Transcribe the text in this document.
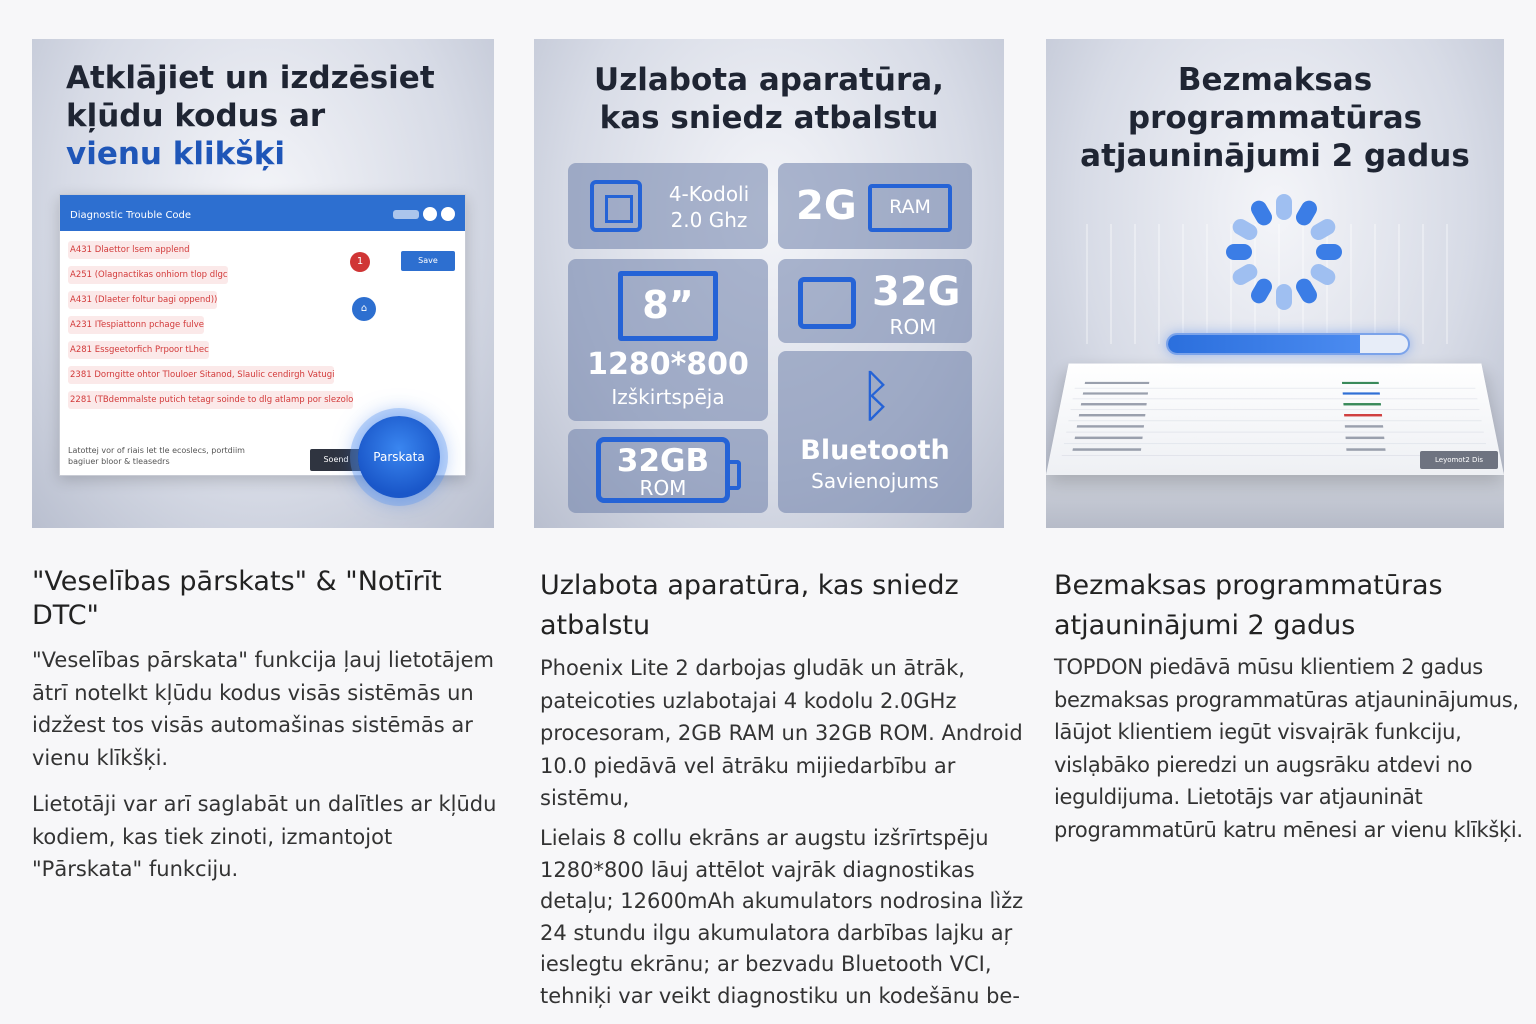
Atklājiet un izdzēsiet
kļūdu kodus ar
vienu klikšķi
Diagnostic Trouble Code
A431 Dlaettor lsem applend
A251 (Olagnactikas onhiorn tlop dlgc
A431 (Dlaeter foltur bagi oppend))
A231 ITespiattonn pchage fulve
A281 Essgeetorfich Prpoor tLhec
2381 Dorngitte ohtor Tlouloer Sitanod, Slaulic cendirgh Vatugi
2281 (TBdemmalste putich tetagr soinde to dlg atlamp por slezolo
1	Save
⌂
Latottej vor of riais let tle ecoslecs, portdiim bagiuer bloor & tleasedrs	Soend	Parskata
Uzlabota aparatūra,
kas sniedz atbalstu
4-Kodoli
2.0 Ghz	2G	RAM
8”
1280*800
Izškirtspēja
32G
ROM
32GB
ROM
ᛒ
Bluetooth
Savienojums
Bezmaksas
programmatūras
atjauninājumi 2 gadus
Leyomot2 Dis
"Veselības pārskats" & "Notīrīt DTC"
"Veselības pārskata" funkcija ļauj lietotājem ātrī notelkt kļūdu kodus visās sistēmās un idzžest tos visās automašinas sistēmās ar vienu klīkšķi.
Lietotāji var arī saglabāt un dalītles ar kļūdu kodiem, kas tiek zinoti, izmantojot "Pārskata" funkciju.
Uzlabota aparatūra, kas sniedz atbalstu
Phoenix Lite 2 darbojas gludāk un ātrāk, pateicoties uzlabotajai 4 kodolu 2.0GHz procesoram, 2GB RAM un 32GB ROM. Android 10.0 piedāvā vel ātrāku mijiedarbību ar sistēmu,
Lielais 8 collu ekrāns ar augstu izšrīrtspēju 1280*800 lāuj attēlot vajrāk diagnostikas detaļu; 12600mAh akumulators nodrosina lìžz 24 stundu ilgu akumulatora darbības lajku aŗ ieslegtu ekrānu; ar bezvadu Bluetooth VCI, tehniķi var veikt diagnostiku un kodešānu be-
Bezmaksas programmatūras atjauninājumi 2 gadus
TOPDON piedāvā mūsu klientiem 2 gadus bezmaksas programmatūras atjauninājumus, lāūjot klientiem iegūt visvaịrāk funkciju, vislạbāko pieredzi un augsrāku atdevi no ieguldijuma. Lietotājs var atjaunināt programmatūrū katru mēnesi ar vienu klīkšķi.
